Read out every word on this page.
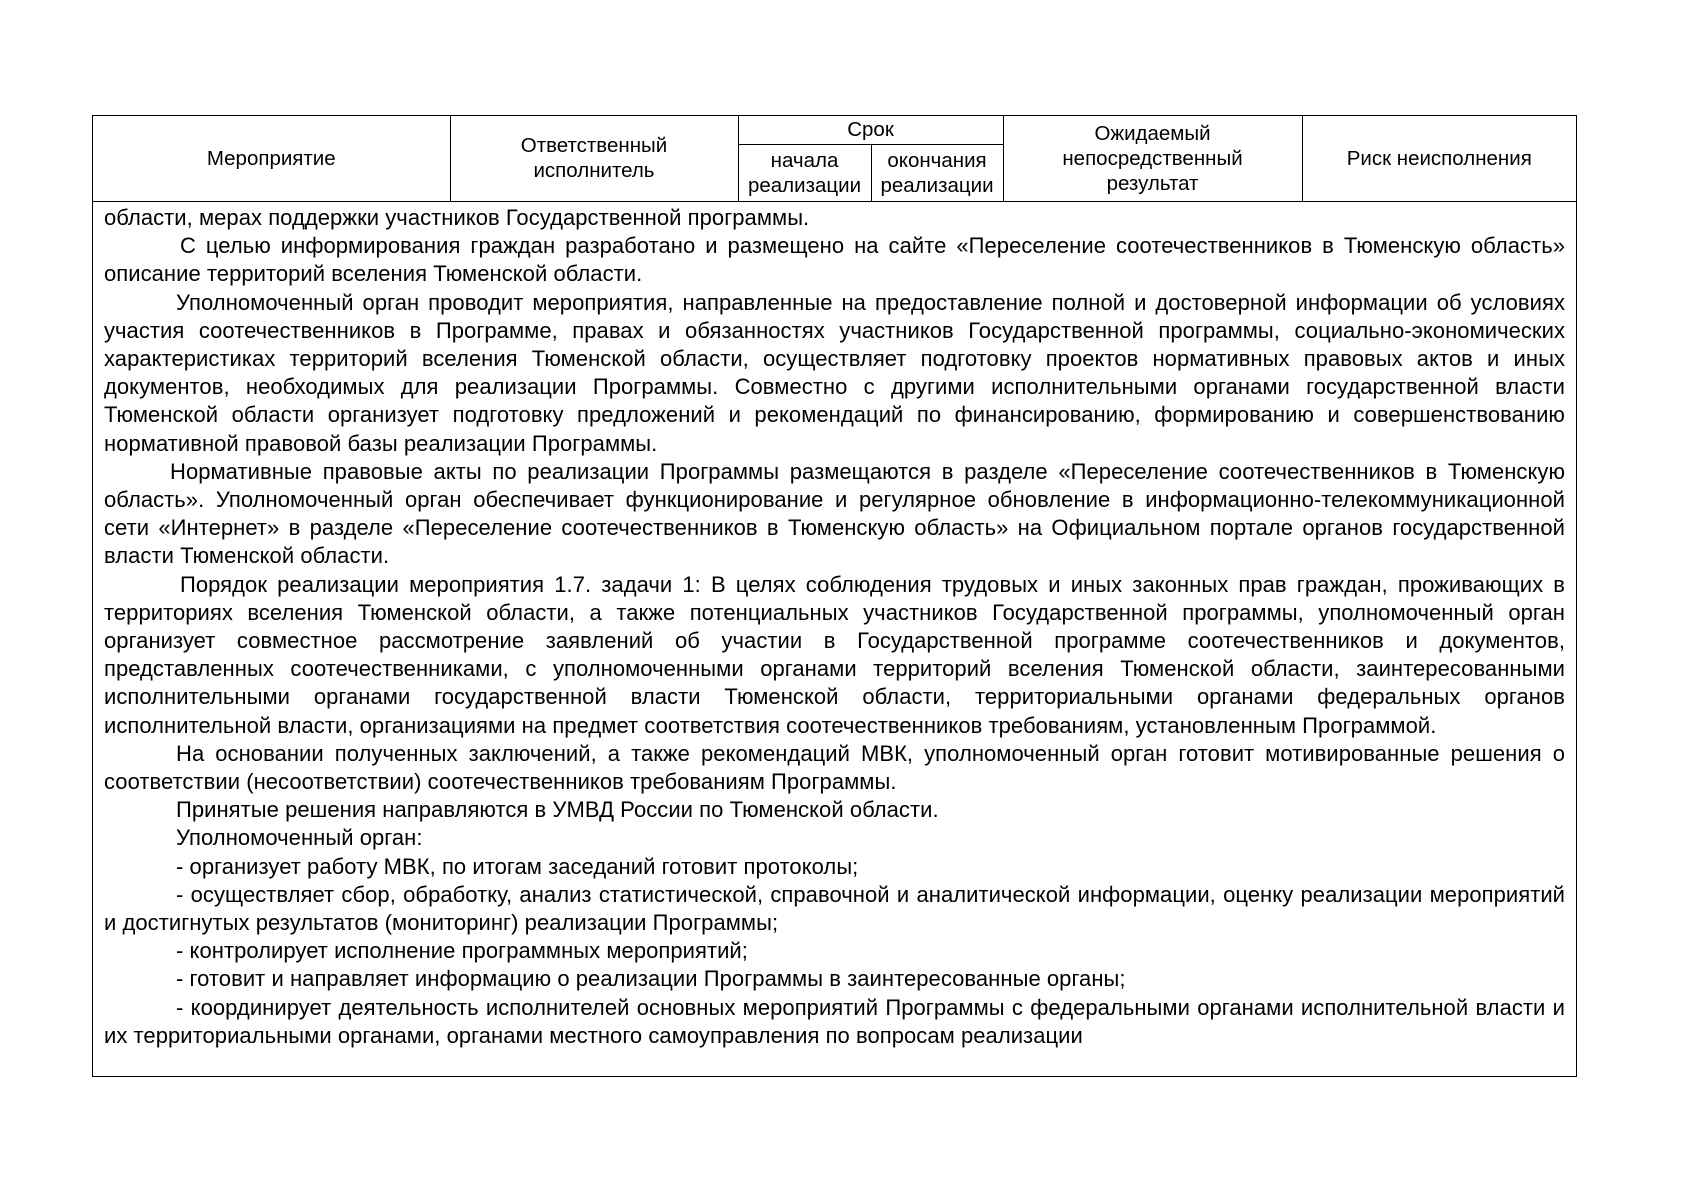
Мероприятие	Ответственный исполнитель	Срок		Ожидаемый непосредственный результат	Риск неисполнения

		начала реализации	окончания реализации		

области, мерах поддержки участников Государственной программы.

С целью информирования граждан разработано и размещено на сайте «Переселение соотечественников в Тюменскую область» описание территорий вселения Тюменской области.

Уполномоченный орган проводит мероприятия, направленные на предоставление полной и достоверной информации об условиях участия соотечественников в Программе, правах и обязанностях участников Государственной программы, социально-экономических характеристиках территорий вселения Тюменской области, осуществляет подготовку проектов нормативных правовых актов и иных документов, необходимых для реализации Программы. Совместно с другими исполнительными органами государственной власти Тюменской области организует подготовку предложений и рекомендаций по финансированию, формированию и совершенствованию нормативной правовой базы реализации Программы.

Нормативные правовые акты по реализации Программы размещаются в разделе «Переселение соотечественников в Тюменскую область». Уполномоченный орган обеспечивает функционирование и регулярное обновление в информационно-телекоммуникационной сети «Интернет» в разделе «Переселение соотечественников в Тюменскую область» на Официальном портале органов государственной власти Тюменской области.

Порядок реализации мероприятия 1.7. задачи 1: В целях соблюдения трудовых и иных законных прав граждан, проживающих в территориях вселения Тюменской области, а также потенциальных участников Государственной программы, уполномоченный орган организует совместное рассмотрение заявлений об участии в Государственной программе соотечественников и документов, представленных соотечественниками, с уполномоченными органами территорий вселения Тюменской области, заинтересованными исполнительными органами государственной власти Тюменской области, территориальными органами федеральных органов исполнительной власти, организациями на предмет соответствия соотечественников требованиям, установленным Программой.

На основании полученных заключений, а также рекомендаций МВК, уполномоченный орган готовит мотивированные решения о соответствии (несоответствии) соотечественников требованиям Программы.

Принятые решения направляются в УМВД России по Тюменской области.

Уполномоченный орган:

- организует работу МВК, по итогам заседаний готовит протоколы;

- осуществляет сбор, обработку, анализ статистической, справочной и аналитической информации, оценку реализации мероприятий и достигнутых результатов (мониторинг) реализации Программы;

- контролирует исполнение программных мероприятий;

- готовит и направляет информацию о реализации Программы в заинтересованные органы;

- координирует деятельность исполнителей основных мероприятий Программы с федеральными органами исполнительной власти и их территориальными органами, органами местного самоуправления по вопросам реализации
